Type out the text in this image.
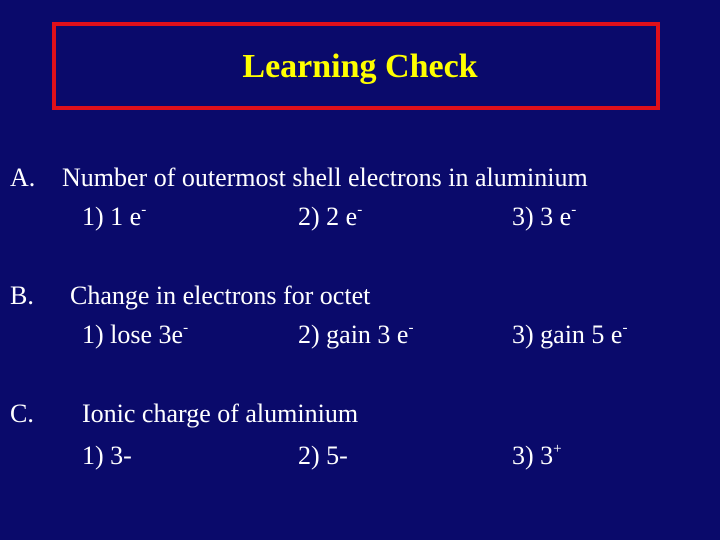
Learning Check
A. Number of outermost shell electrons in aluminium
1) 1 e-	2) 2 e-	3) 3 e-
B. Change in electrons for octet
1) lose 3e-	2) gain 3 e-	3) gain 5 e-
C. Ionic charge of aluminium
1) 3-	2) 5-	3) 3+
